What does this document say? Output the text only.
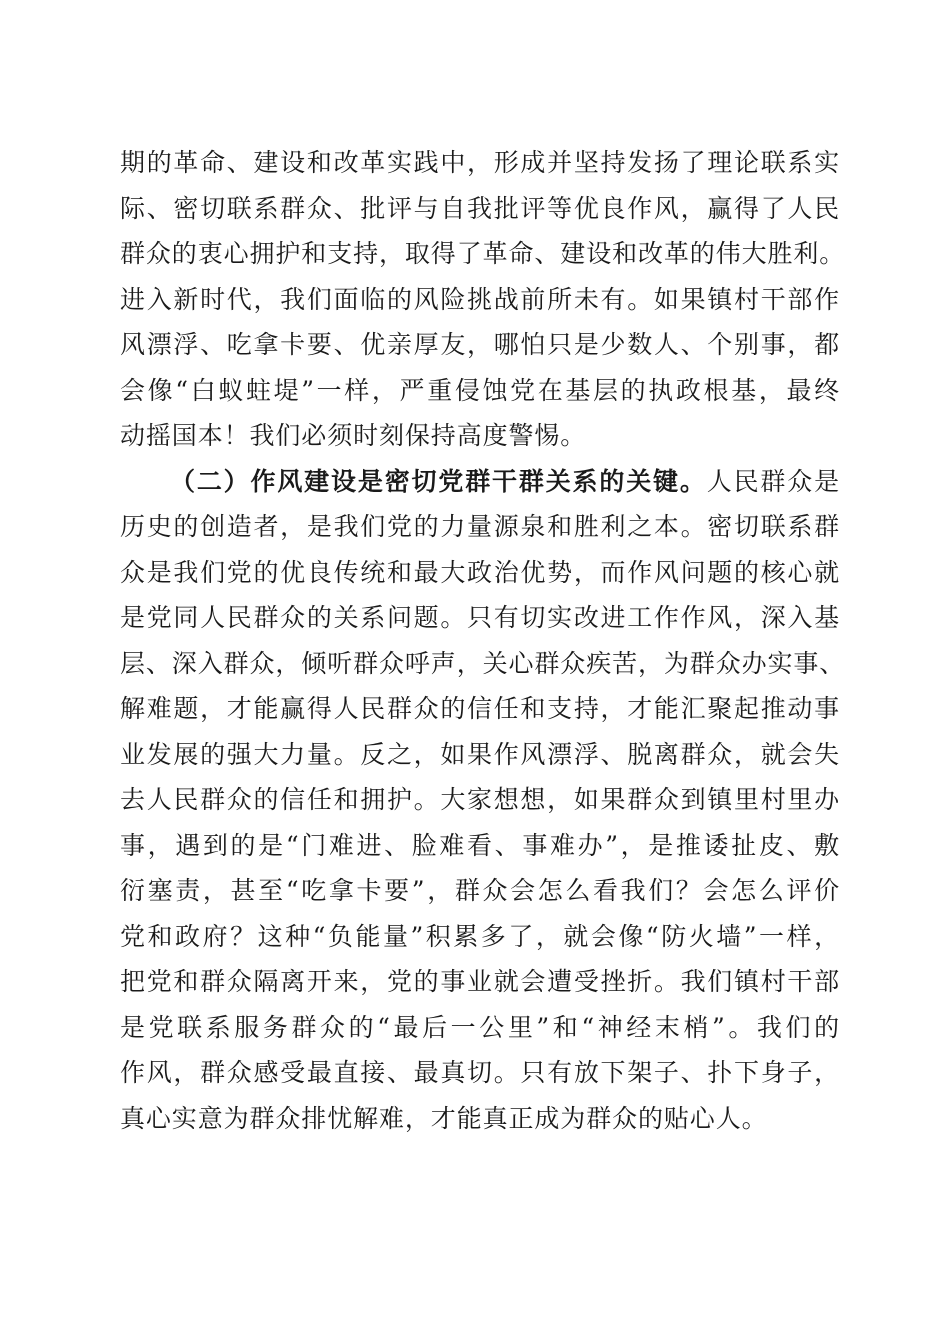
期的革命、建设和改革实践中，形成并坚持发扬了理论联系实
际、密切联系群众、批评与自我批评等优良作风，赢得了人民
群众的衷心拥护和支持，取得了革命、建设和改革的伟大胜利。
进入新时代，我们面临的风险挑战前所未有。如果镇村干部作
风漂浮、吃拿卡要、优亲厚友，哪怕只是少数人、个别事，都
会像“白蚁蛀堤”一样，严重侵蚀党在基层的执政根基，最终
动摇国本！我们必须时刻保持高度警惕。
（二）作风建设是密切党群干群关系的关键。人民群众是
历史的创造者，是我们党的力量源泉和胜利之本。密切联系群
众是我们党的优良传统和最大政治优势，而作风问题的核心就
是党同人民群众的关系问题。只有切实改进工作作风，深入基
层、深入群众，倾听群众呼声，关心群众疾苦，为群众办实事、
解难题，才能赢得人民群众的信任和支持，才能汇聚起推动事
业发展的强大力量。反之，如果作风漂浮、脱离群众，就会失
去人民群众的信任和拥护。大家想想，如果群众到镇里村里办
事，遇到的是“门难进、脸难看、事难办”，是推诿扯皮、敷
衍塞责，甚至“吃拿卡要”，群众会怎么看我们？会怎么评价
党和政府？这种“负能量”积累多了，就会像“防火墙”一样，
把党和群众隔离开来，党的事业就会遭受挫折。我们镇村干部
是党联系服务群众的“最后一公里”和“神经末梢”。我们的
作风，群众感受最直接、最真切。只有放下架子、扑下身子，
真心实意为群众排忧解难，才能真正成为群众的贴心人。
